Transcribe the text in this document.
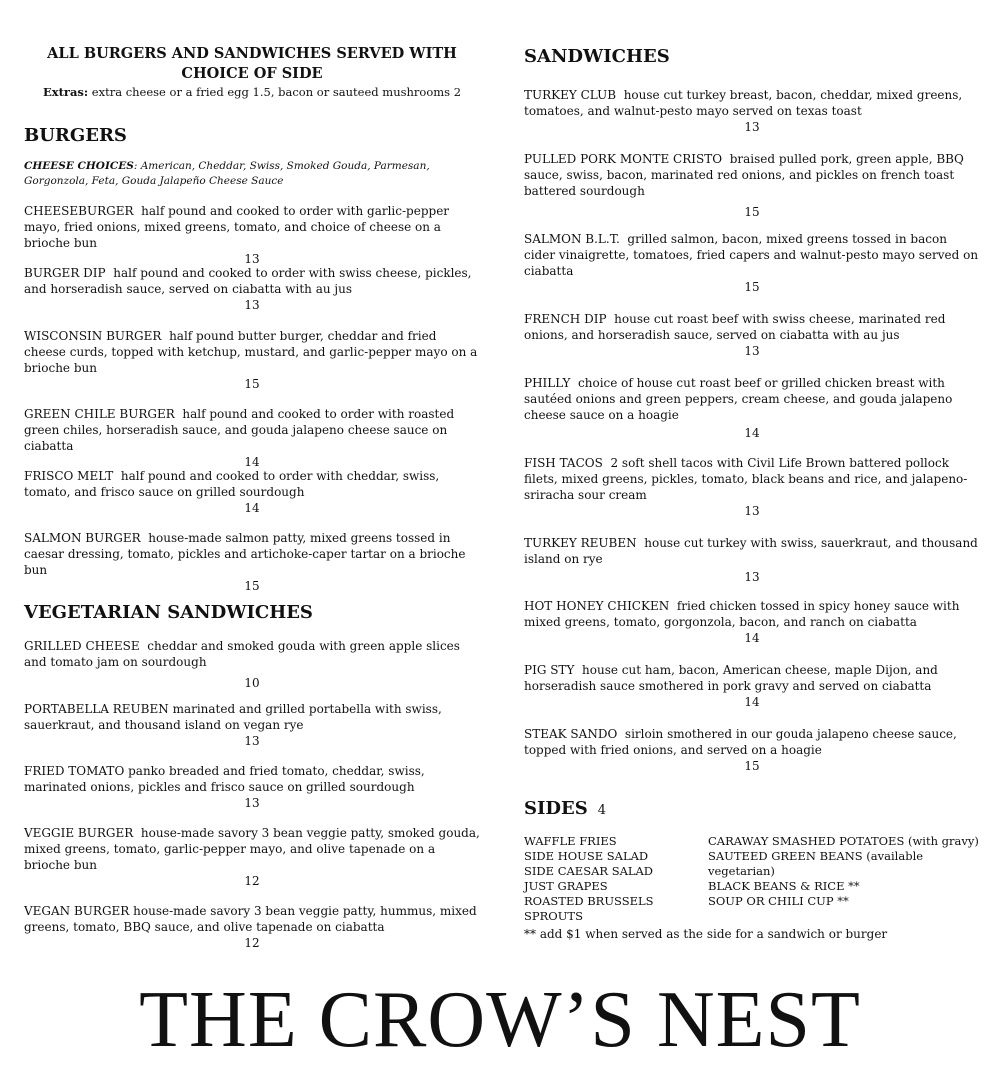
ALL BURGERS AND SANDWICHES SERVED WITH
CHOICE OF SIDE
Extras: extra cheese or a fried egg 1.5, bacon or sauteed mushrooms 2
BURGERS
CHEESE CHOICES: American, Cheddar, Swiss, Smoked Gouda, Parmesan, Gorgonzola, Feta, Gouda Jalapeño Cheese Sauce
CHEESEBURGER half pound and cooked to order with garlic-pepper mayo, fried onions, mixed greens, tomato, and choice of cheese on a brioche bun
13
BURGER DIP half pound and cooked to order with swiss cheese, pickles, and horseradish sauce, served on ciabatta with au jus
13
WISCONSIN BURGER half pound butter burger, cheddar and fried cheese curds, topped with ketchup, mustard, and garlic-pepper mayo on a brioche bun
15
GREEN CHILE BURGER half pound and cooked to order with roasted green chiles, horseradish sauce, and gouda jalapeno cheese sauce on ciabatta
14
FRISCO MELT half pound and cooked to order with cheddar, swiss, tomato, and frisco sauce on grilled sourdough
14
SALMON BURGER house-made salmon patty, mixed greens tossed in caesar dressing, tomato, pickles and artichoke-caper tartar on a brioche bun
15
VEGETARIAN SANDWICHES
GRILLED CHEESE cheddar and smoked gouda with green apple slices and tomato jam on sourdough
10
PORTABELLA REUBEN marinated and grilled portabella with swiss, sauerkraut, and thousand island on vegan rye
13
FRIED TOMATO panko breaded and fried tomato, cheddar, swiss, marinated onions, pickles and frisco sauce on grilled sourdough
13
VEGGIE BURGER house-made savory 3 bean veggie patty, smoked gouda, mixed greens, tomato, garlic-pepper mayo, and olive tapenade on a brioche bun
12
VEGAN BURGER house-made savory 3 bean veggie patty, hummus, mixed greens, tomato, BBQ sauce, and olive tapenade on ciabatta
12
SANDWICHES
TURKEY CLUB house cut turkey breast, bacon, cheddar, mixed greens, tomatoes, and walnut-pesto mayo served on texas toast
13
PULLED PORK MONTE CRISTO braised pulled pork, green apple, BBQ sauce, swiss, bacon, marinated red onions, and pickles on french toast battered sourdough
15
SALMON B.L.T. grilled salmon, bacon, mixed greens tossed in bacon cider vinaigrette, tomatoes, fried capers and walnut-pesto mayo served on ciabatta
15
FRENCH DIP house cut roast beef with swiss cheese, marinated red onions, and horseradish sauce, served on ciabatta with au jus
13
PHILLY choice of house cut roast beef or grilled chicken breast with sautéed onions and green peppers, cream cheese, and gouda jalapeno cheese sauce on a hoagie
14
FISH TACOS 2 soft shell tacos with Civil Life Brown battered pollock filets, mixed greens, pickles, tomato, black beans and rice, and jalapeno-sriracha sour cream
13
TURKEY REUBEN house cut turkey with swiss, sauerkraut, and thousand island on rye
13
HOT HONEY CHICKEN fried chicken tossed in spicy honey sauce with mixed greens, tomato, gorgonzola, bacon, and ranch on ciabatta
14
PIG STY house cut ham, bacon, American cheese, maple Dijon, and horseradish sauce smothered in pork gravy and served on ciabatta
14
STEAK SANDO sirloin smothered in our gouda jalapeno cheese sauce, topped with fried onions, and served on a hoagie
15
SIDES 4
WAFFLE FRIES
SIDE HOUSE SALAD
SIDE CAESAR SALAD
JUST GRAPES
ROASTED BRUSSELS SPROUTS
CARAWAY SMASHED POTATOES (with gravy)
SAUTEED GREEN BEANS (available vegetarian)
BLACK BEANS & RICE **
SOUP OR CHILI CUP **
** add $1 when served as the side for a sandwich or burger
THE CROW’S NEST
